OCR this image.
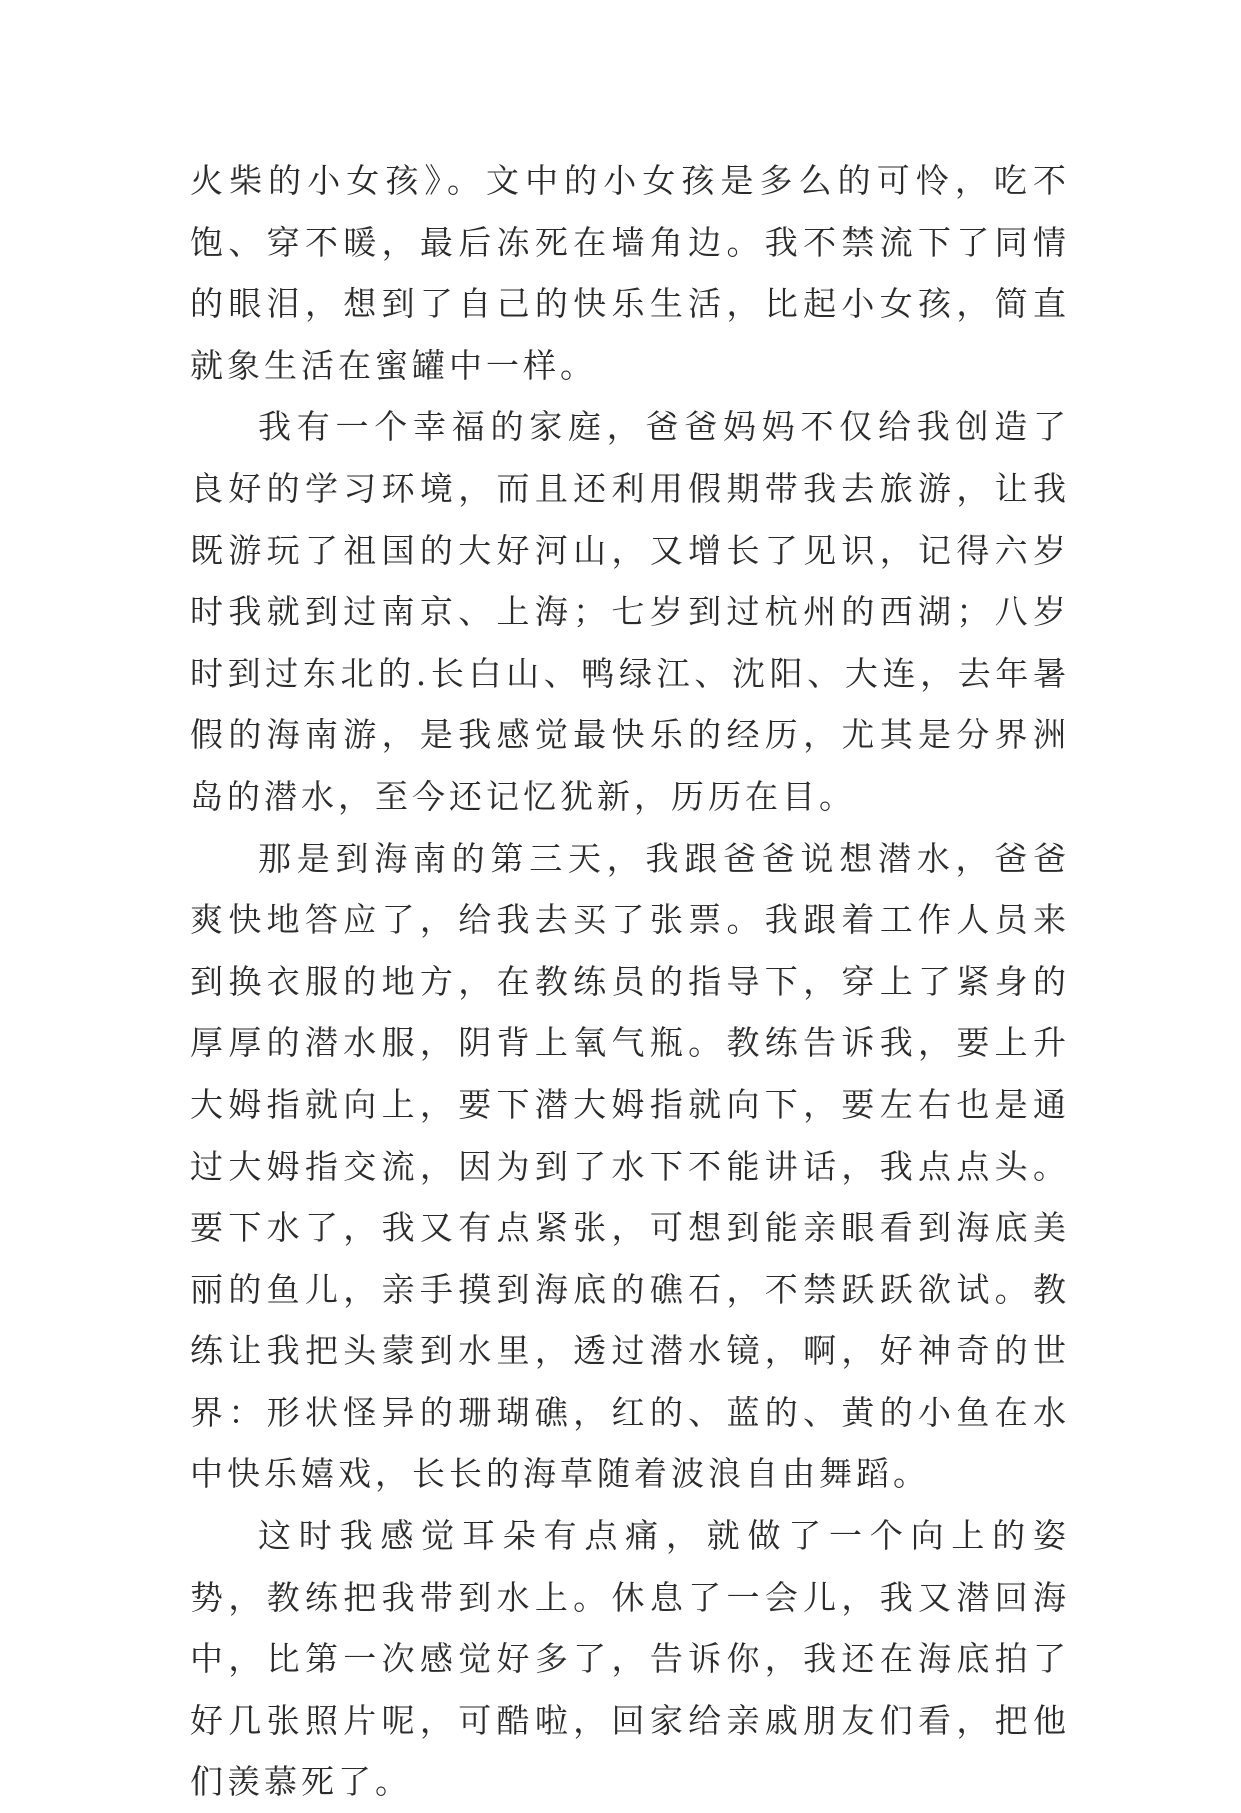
火柴的小女孩》。文中的小女孩是多么的可怜，吃不饱、穿不暖，最后冻死在墙角边。我不禁流下了同情的眼泪，想到了自己的快乐生活，比起小女孩，简直就象生活在蜜罐中一样。

我有一个幸福的家庭，爸爸妈妈不仅给我创造了良好的学习环境，而且还利用假期带我去旅游，让我既游玩了祖国的大好河山，又增长了见识，记得六岁时我就到过南京、上海；七岁到过杭州的西湖；八岁时到过东北的.长白山、鸭绿江、沈阳、大连，去年暑假的海南游，是我感觉最快乐的经历，尤其是分界洲岛的潜水，至今还记忆犹新，历历在目。

那是到海南的第三天，我跟爸爸说想潜水，爸爸爽快地答应了，给我去买了张票。我跟着工作人员来到换衣服的地方，在教练员的指导下，穿上了紧身的厚厚的潜水服，阴背上氧气瓶。教练告诉我，要上升大姆指就向上，要下潜大姆指就向下，要左右也是通过大姆指交流，因为到了水下不能讲话，我点点头。要下水了，我又有点紧张，可想到能亲眼看到海底美丽的鱼儿，亲手摸到海底的礁石，不禁跃跃欲试。教练让我把头蒙到水里，透过潜水镜，啊，好神奇的世界：形状怪异的珊瑚礁，红的、蓝的、黄的小鱼在水中快乐嬉戏，长长的海草随着波浪自由舞蹈。

这时我感觉耳朵有点痛，就做了一个向上的姿势，教练把我带到水上。休息了一会儿，我又潜回海中，比第一次感觉好多了，告诉你，我还在海底拍了好几张照片呢，可酷啦，回家给亲戚朋友们看，把他们羡慕死了。
